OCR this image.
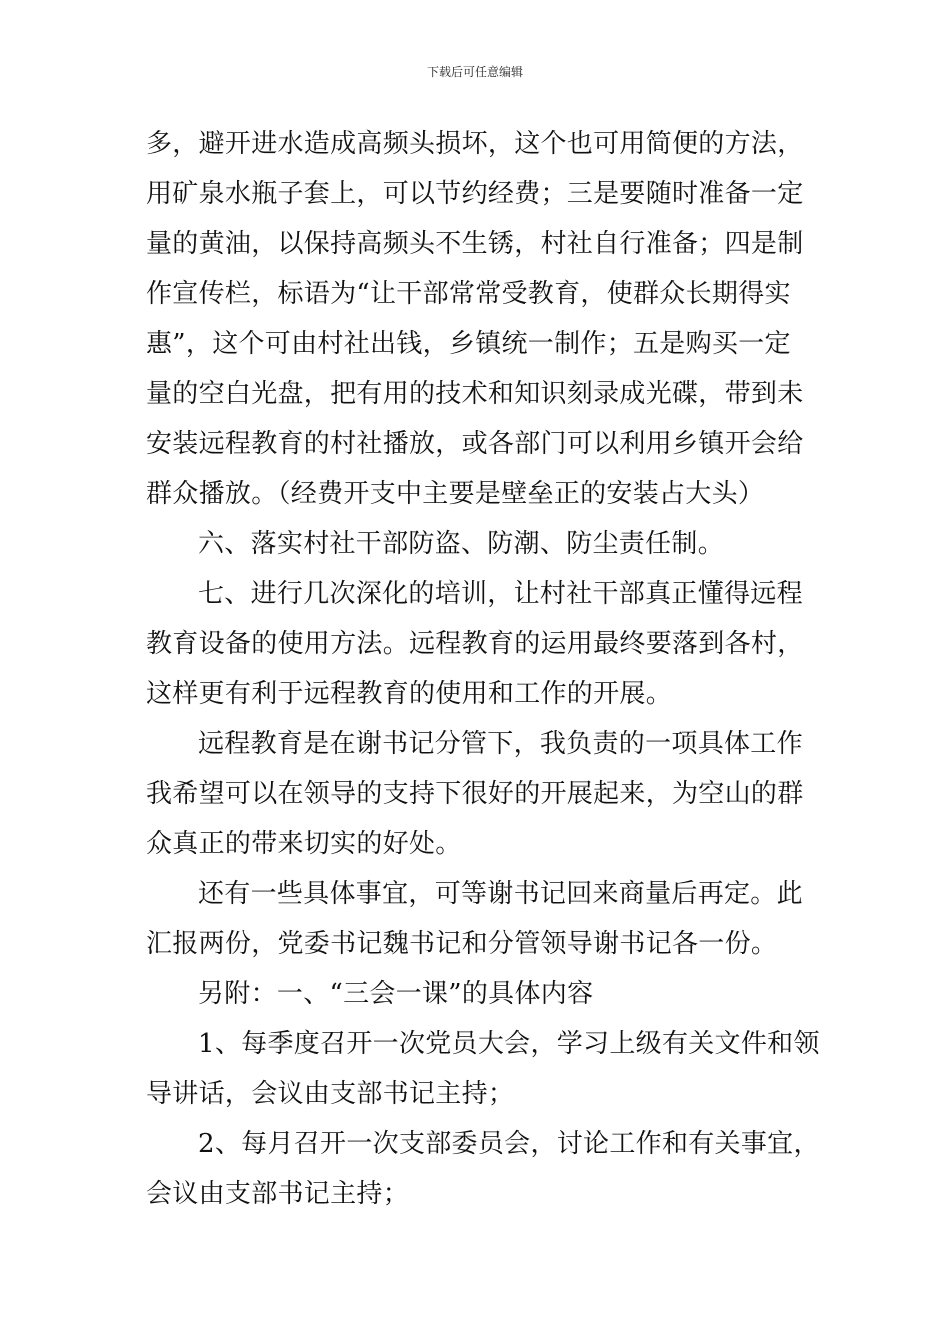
下载后可任意编辑
多，避开进水造成高频头损坏，这个也可用简便的方法，
用矿泉水瓶子套上，可以节约经费；三是要随时准备一定
量的黄油，以保持高频头不生锈，村社自行准备；四是制
作宣传栏，标语为“让干部常常受教育，使群众长期得实
惠”，这个可由村社出钱，乡镇统一制作；五是购买一定
量的空白光盘，把有用的技术和知识刻录成光碟，带到未
安装远程教育的村社播放，或各部门可以利用乡镇开会给
群众播放。（经费开支中主要是壁垒正的安装占大头）
六、落实村社干部防盗、防潮、防尘责任制。
七、进行几次深化的培训，让村社干部真正懂得远程
教育设备的使用方法。远程教育的运用最终要落到各村，
这样更有利于远程教育的使用和工作的开展。
远程教育是在谢书记分管下，我负责的一项具体工作
我希望可以在领导的支持下很好的开展起来，为空山的群
众真正的带来切实的好处。
还有一些具体事宜，可等谢书记回来商量后再定。此
汇报两份，党委书记魏书记和分管领导谢书记各一份。
另附：一、“三会一课”的具体内容
1、每季度召开一次党员大会，学习上级有关文件和领
导讲话，会议由支部书记主持；
2、每月召开一次支部委员会，讨论工作和有关事宜，
会议由支部书记主持；
